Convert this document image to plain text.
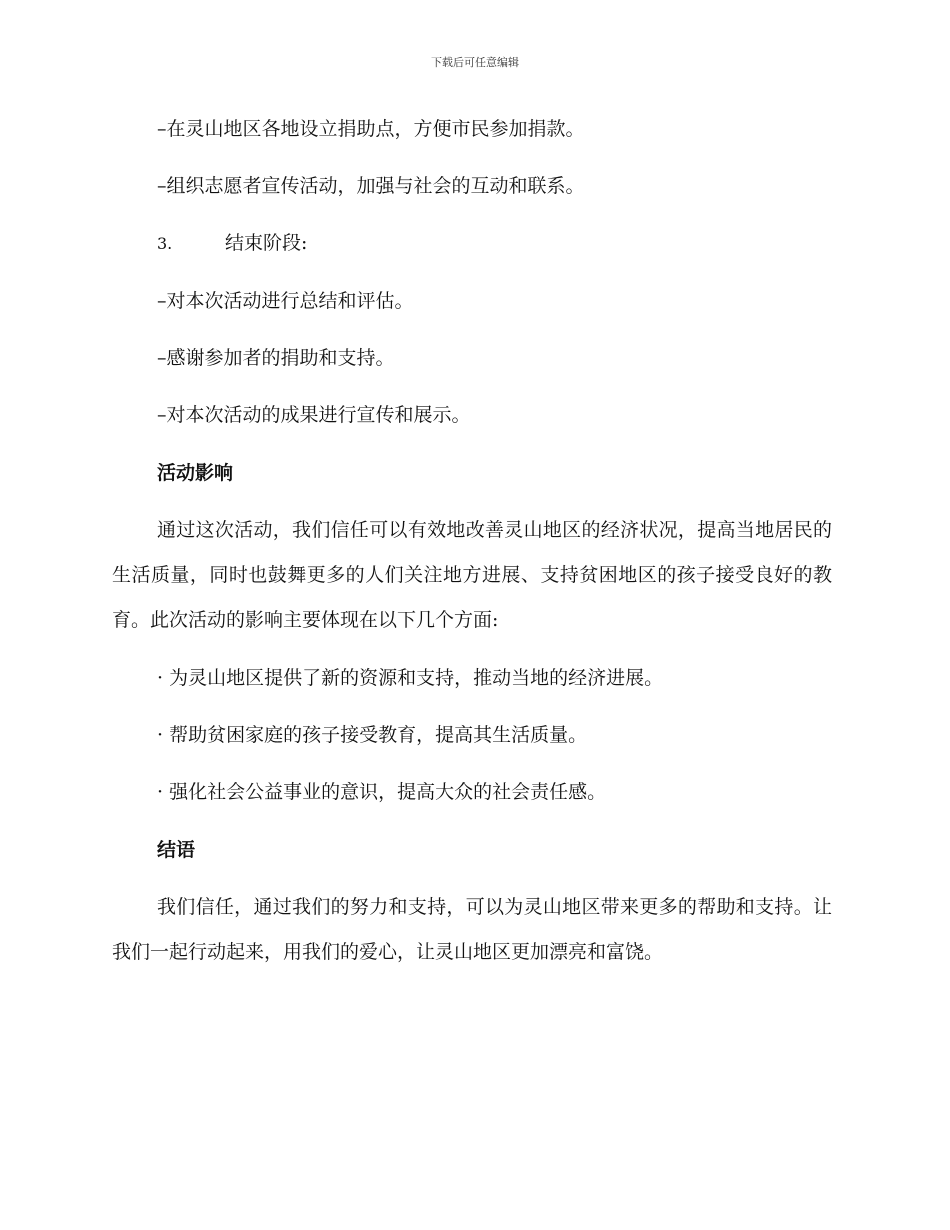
下载后可任意编辑
–在灵山地区各地设立捐助点，方便市民参加捐款。
–组织志愿者宣传活动，加强与社会的互动和联系。
3.	结束阶段:
–对本次活动进行总结和评估。
–感谢参加者的捐助和支持。
–对本次活动的成果进行宣传和展示。
活动影响
通过这次活动，我们信任可以有效地改善灵山地区的经济状况，提高当地居民的生活质量，同时也鼓舞更多的人们关注地方进展、支持贫困地区的孩子接受良好的教育。此次活动的影响主要体现在以下几个方面:
· 为灵山地区提供了新的资源和支持，推动当地的经济进展。
· 帮助贫困家庭的孩子接受教育，提高其生活质量。
· 强化社会公益事业的意识，提高大众的社会责任感。
结语
我们信任，通过我们的努力和支持，可以为灵山地区带来更多的帮助和支持。让我们一起行动起来，用我们的爱心，让灵山地区更加漂亮和富饶。
